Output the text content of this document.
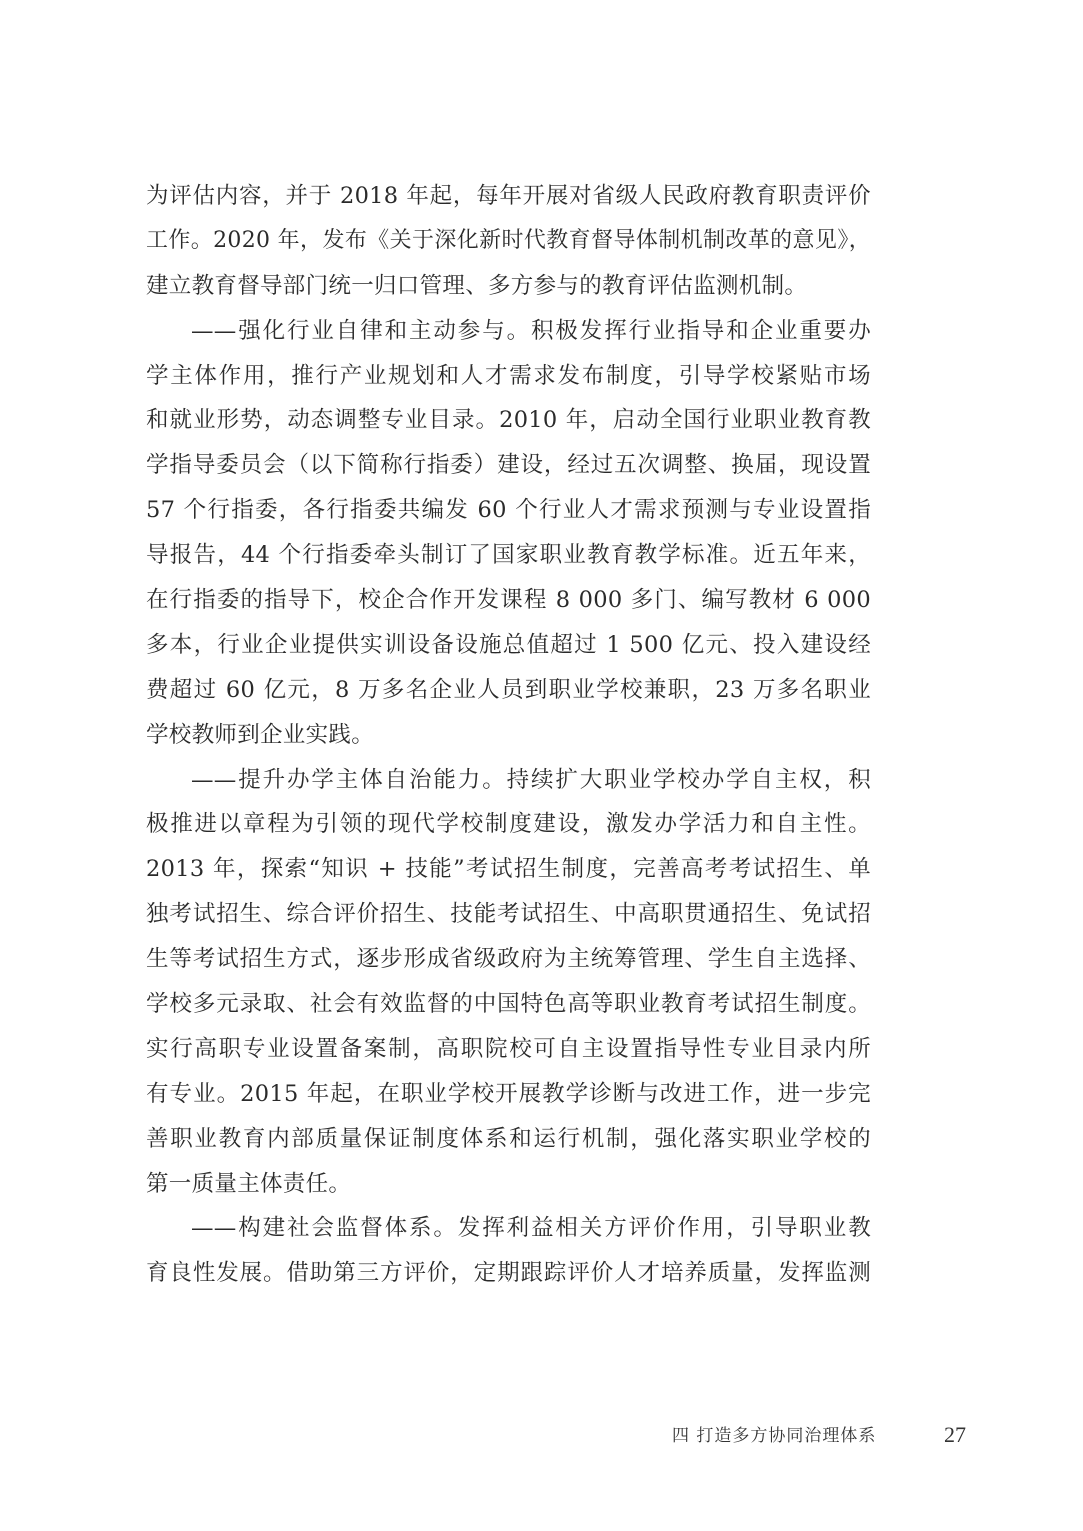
为评估内容，并于 2018 年起，每年开展对省级人民政府教育职责评价
工作。2020 年，发布《关于深化新时代教育督导体制机制改革的意见》，
建立教育督导部门统一归口管理、多方参与的教育评估监测机制。
——强化行业自律和主动参与。积极发挥行业指导和企业重要办
学主体作用，推行产业规划和人才需求发布制度，引导学校紧贴市场
和就业形势，动态调整专业目录。2010 年，启动全国行业职业教育教
学指导委员会（以下简称行指委）建设，经过五次调整、换届，现设置
57 个行指委，各行指委共编发 60 个行业人才需求预测与专业设置指
导报告，44 个行指委牵头制订了国家职业教育教学标准。近五年来，
在行指委的指导下，校企合作开发课程 8 000 多门、编写教材 6 000
多本，行业企业提供实训设备设施总值超过 1 500 亿元、投入建设经
费超过 60 亿元，8 万多名企业人员到职业学校兼职，23 万多名职业
学校教师到企业实践。
——提升办学主体自治能力。持续扩大职业学校办学自主权，积
极推进以章程为引领的现代学校制度建设，激发办学活力和自主性。
2013 年，探索“知识 + 技能”考试招生制度，完善高考考试招生、单
独考试招生、综合评价招生、技能考试招生、中高职贯通招生、免试招
生等考试招生方式，逐步形成省级政府为主统筹管理、学生自主选择、
学校多元录取、社会有效监督的中国特色高等职业教育考试招生制度。
实行高职专业设置备案制，高职院校可自主设置指导性专业目录内所
有专业。2015 年起，在职业学校开展教学诊断与改进工作，进一步完
善职业教育内部质量保证制度体系和运行机制，强化落实职业学校的
第一质量主体责任。
——构建社会监督体系。发挥利益相关方评价作用，引导职业教
育良性发展。借助第三方评价，定期跟踪评价人才培养质量，发挥监测
四 打造多方协同治理体系	27
